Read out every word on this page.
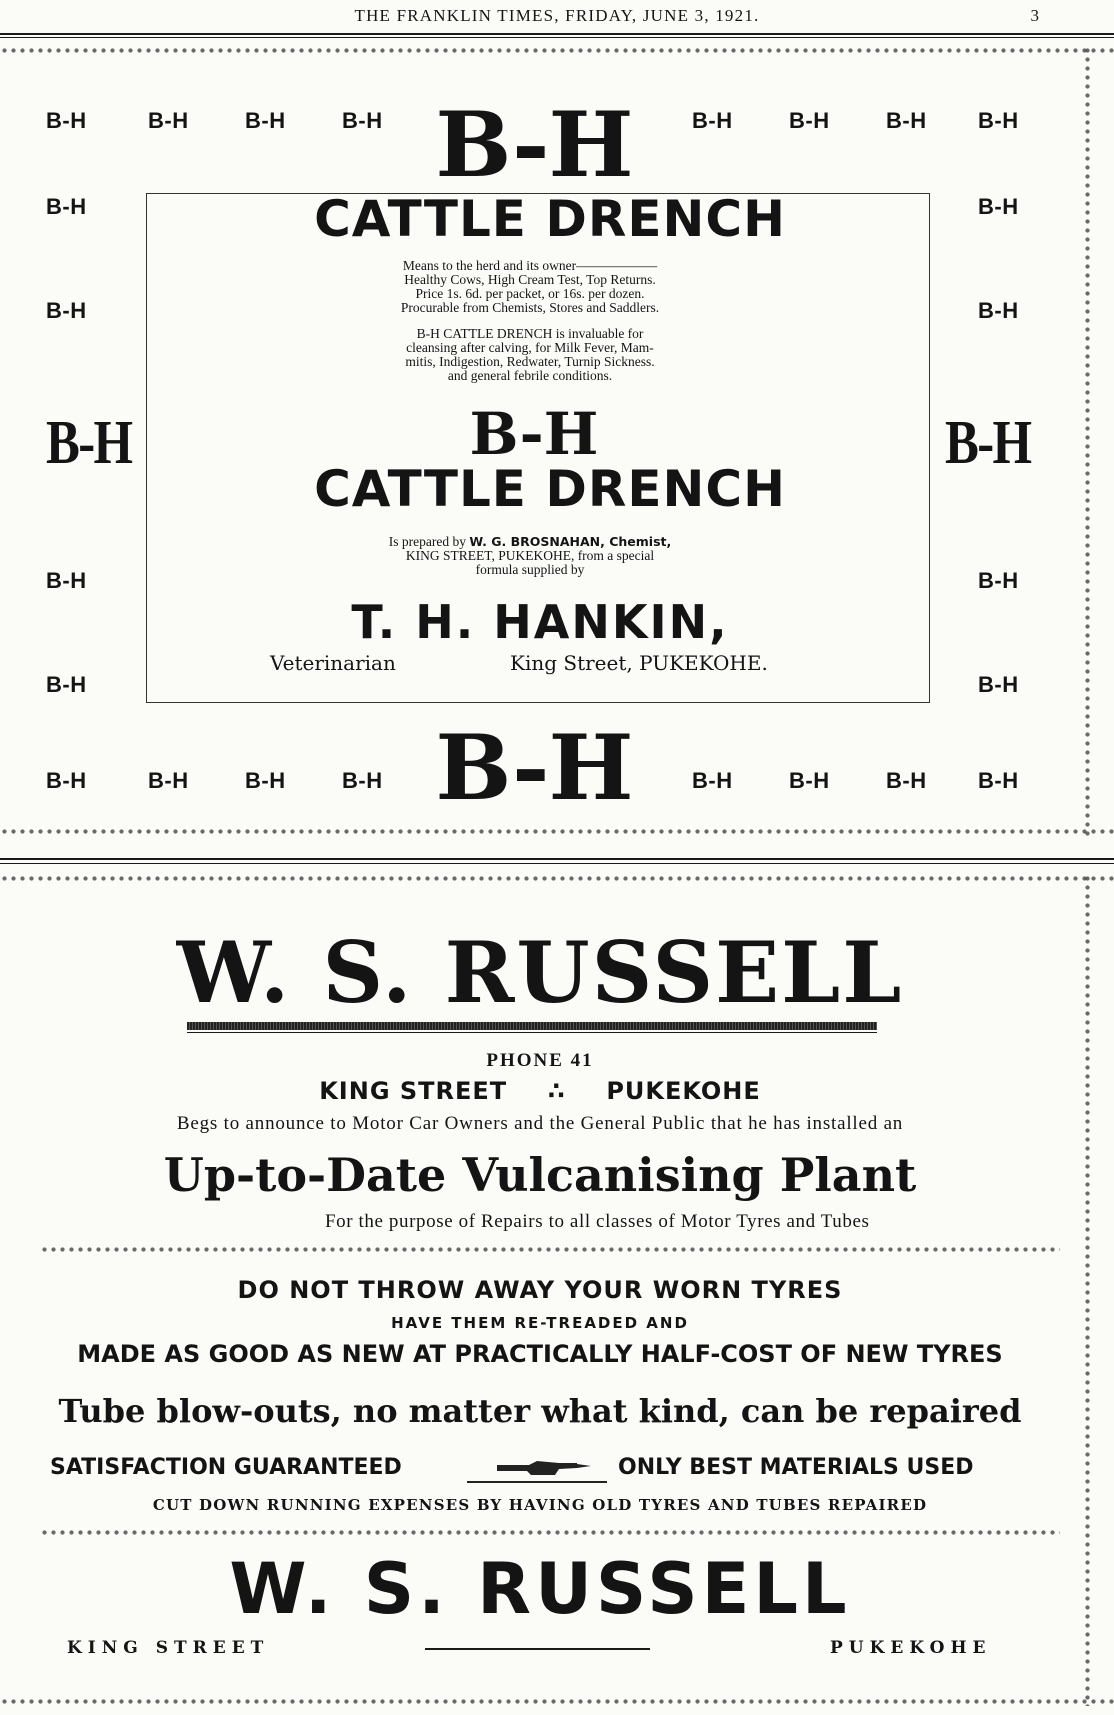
THE FRANKLIN TIMES, FRIDAY, JUNE 3, 1921.	3
B-H	B-H	B-H	B-H	B-H	B-H	B-H B-H
B-H
B-H
B-H
B-H
B-H
B-H
B-H
B-H
B-H
B-H
B-H
CATTLE DRENCH
Means to the herd and its owner——————
Healthy Cows, High Cream Test, Top Returns.
Price 1s. 6d. per packet, or 16s. per dozen.
Procurable from Chemists, Stores and Saddlers.
B-H CATTLE DRENCH is invaluable for
cleansing after calving, for Milk Fever, Mam-
mitis, Indigestion, Redwater, Turnip Sickness.
and general febrile conditions.
B-H
CATTLE DRENCH
Is prepared by W. G. BROSNAHAN, Chemist,
KING STREET, PUKEKOHE, from a special
formula supplied by
T. H. HANKIN,
Veterinarian	King Street, PUKEKOHE.
B-H	B-H	B-H	B-H B-H	B-H	B-H	B-H B-H
W. S. RUSSELL
PHONE 41
KING STREET ∴ PUKEKOHE
Begs to announce to Motor Car Owners and the General Public that he has installed an
Up-to-Date Vulcanising Plant
For the purpose of Repairs to all classes of Motor Tyres and Tubes
DO NOT THROW AWAY YOUR WORN TYRES
HAVE THEM RE-TREADED AND
MADE AS GOOD AS NEW AT PRACTICALLY HALF-COST OF NEW TYRES
Tube blow-outs, no matter what kind, can be repaired
SATISFACTION GUARANTEED	ONLY BEST MATERIALS USED
CUT DOWN RUNNING EXPENSES BY HAVING OLD TYRES AND TUBES REPAIRED
W. S. RUSSELL
KING STREET	PUKEKOHE
